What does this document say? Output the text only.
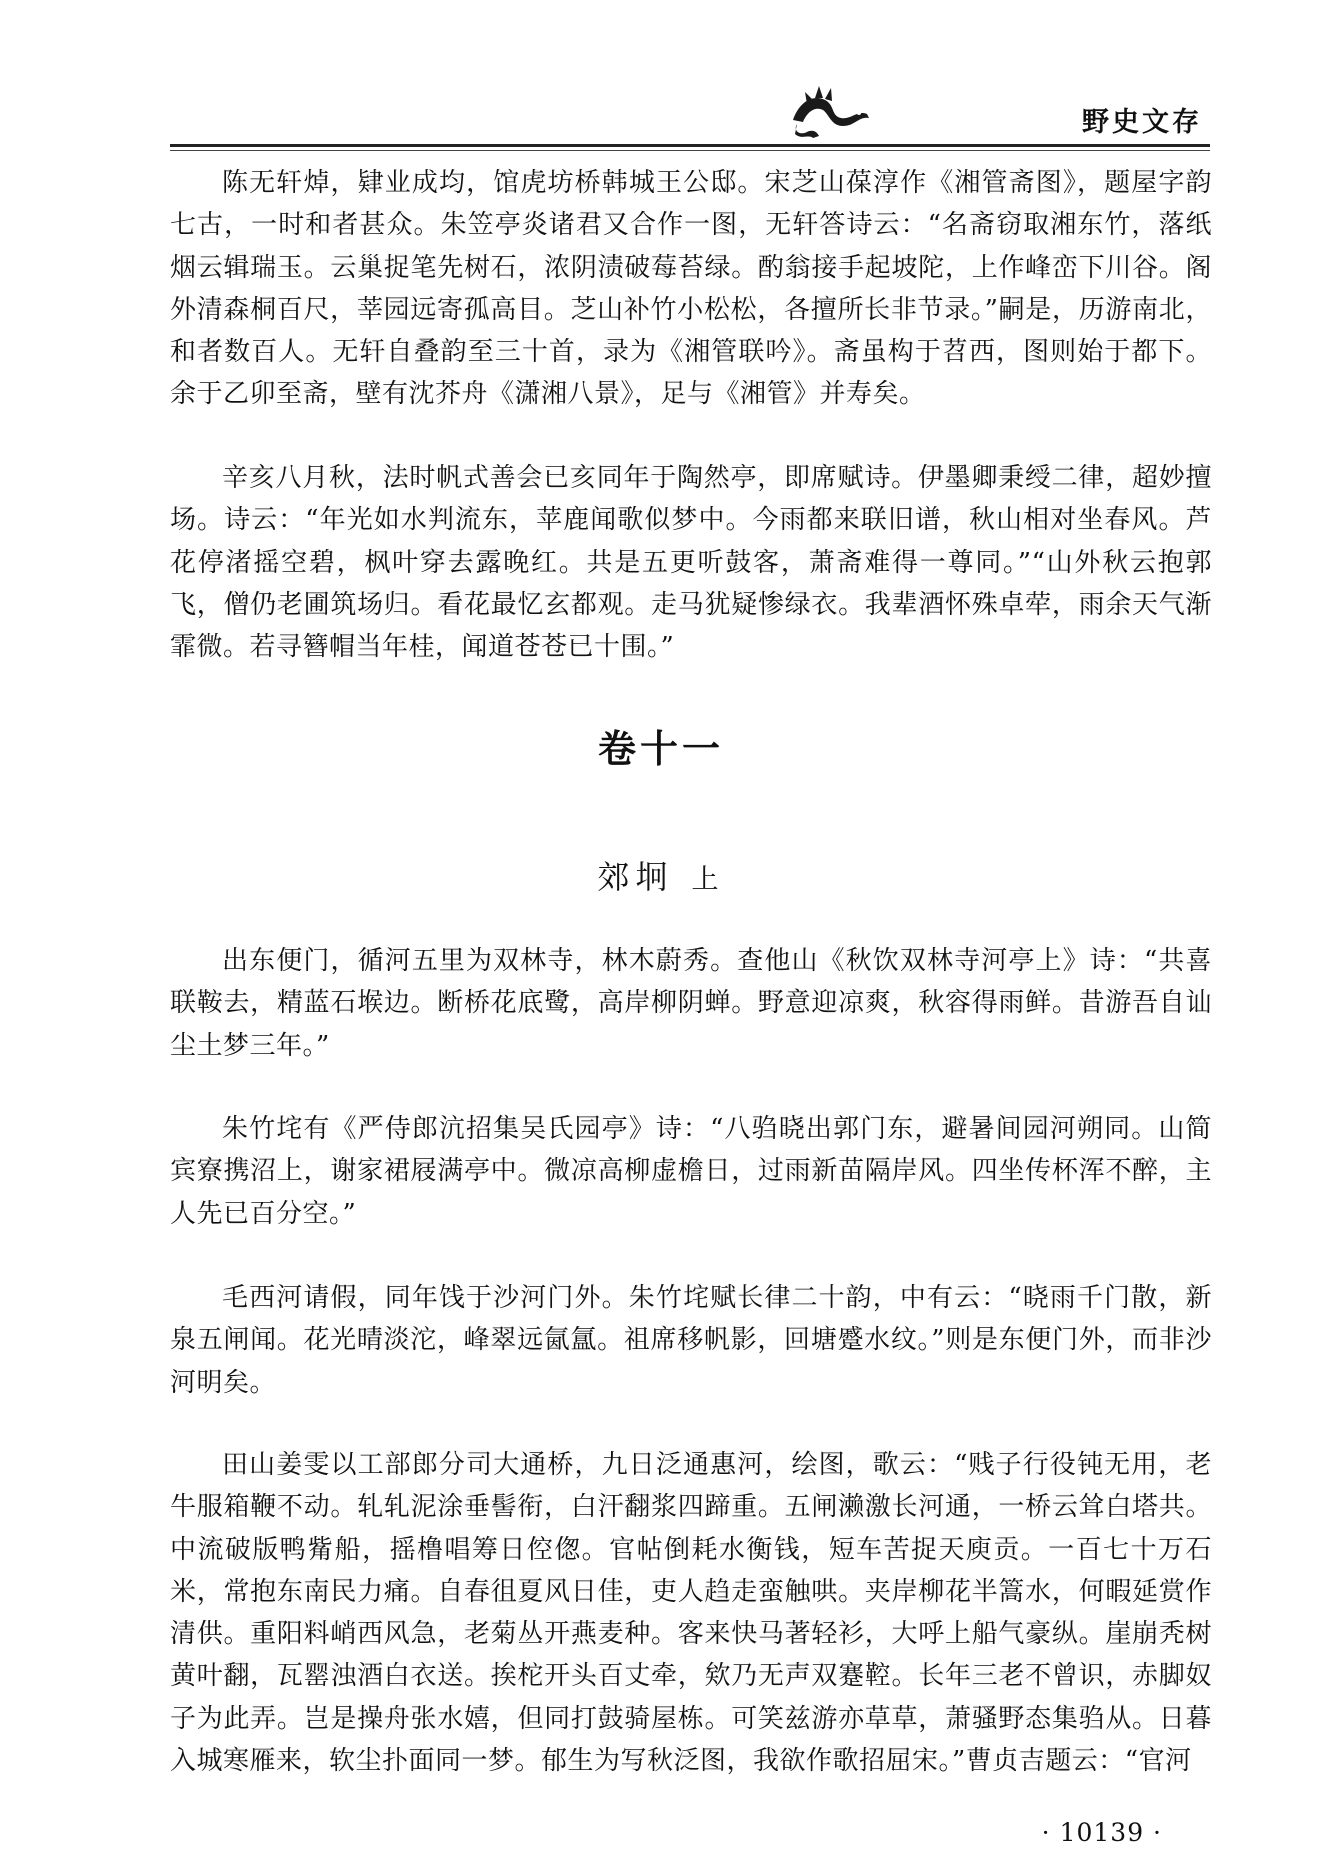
野史文存

陈无轩焯，肄业成均，馆虎坊桥韩城王公邸。宋芝山葆淳作《湘管斋图》，题屋字韵七古，一时和者甚众。朱笠亭炎诸君又合作一图，无轩答诗云：“名斋窃取湘东竹，落纸烟云辑瑞玉。云巢捉笔先树石，浓阴渍破莓苔绿。酌翁接手起坡陀，上作峰峦下川谷。阁外清森桐百尺，莘园远寄孤高目。芝山补竹小松松，各擅所长非节录。”嗣是，历游南北，和者数百人。无轩自叠韵至三十首，录为《湘管联吟》。斋虽构于苕西，图则始于都下。余于乙卯至斋，壁有沈芥舟《潇湘八景》，足与《湘管》并寿矣。

辛亥八月秋，法时帆式善会已亥同年于陶然亭，即席赋诗。伊墨卿秉绶二律，超妙擅场。诗云：“年光如水判流东，苹鹿闻歌似梦中。今雨都来联旧谱，秋山相对坐春风。芦花停渚摇空碧，枫叶穿去露晚红。共是五更听鼓客，萧斋难得一尊同。”“山外秋云抱郭飞，僧仍老圃筑场归。看花最忆玄都观。走马犹疑惨绿衣。我辈酒怀殊卓荦，雨余天气渐霏微。若寻簪帽当年桂，闻道苍苍已十围。”

卷十一
郊坰 上

出东便门，循河五里为双林寺，林木蔚秀。查他山《秋饮双林寺河亭上》诗：“共喜联鞍去，精蓝石堠边。断桥花底鹭，高岸柳阴蝉。野意迎凉爽，秋容得雨鲜。昔游吾自讪尘土梦三年。”

朱竹垞有《严侍郎沆招集吴氏园亭》诗：“八驺晓出郭门东，避暑间园河朔同。山简宾寮携沼上，谢家裙屐满亭中。微凉高柳虚檐日，过雨新苗隔岸风。四坐传杯浑不醉，主人先已百分空。”

毛西河请假，同年饯于沙河门外。朱竹垞赋长律二十韵，中有云：“晓雨千门散，新泉五闸闻。花光晴淡沱，峰翠远氤氲。祖席移帆影，回塘蹙水纹。”则是东便门外，而非沙河明矣。

田山姜雯以工部郎分司大通桥，九日泛通惠河，绘图，歌云：“贱子行役钝无用，老牛服箱鞭不动。轧轧泥涂垂髻衔，白汗翻浆四蹄重。五闸濑激长河通，一桥云耸白塔共。中流破版鸭觜船，摇橹唱筹日倥偬。官帖倒耗水衡钱，短车苦捉天庾贡。一百七十万石米，常抱东南民力痛。自春徂夏风日佳，吏人趋走蛮触哄。夹岸柳花半篙水，何暇延赏作清供。重阳料峭西风急，老菊丛开燕麦种。客来快马著轻衫，大呼上船气豪纵。崖崩秃树黄叶翻，瓦罂浊酒白衣送。挨柁开头百丈牵，欸乃无声双蹇鞚。长年三老不曾识，赤脚奴子为此弄。岂是操舟张水嬉，但同打鼓骑屋栋。可笑兹游亦草草，萧骚野态集驺从。日暮入城寒雁来，软尘扑面同一梦。郁生为写秋泛图，我欲作歌招屈宋。”曹贞吉题云：“官河

· 10139 ·
